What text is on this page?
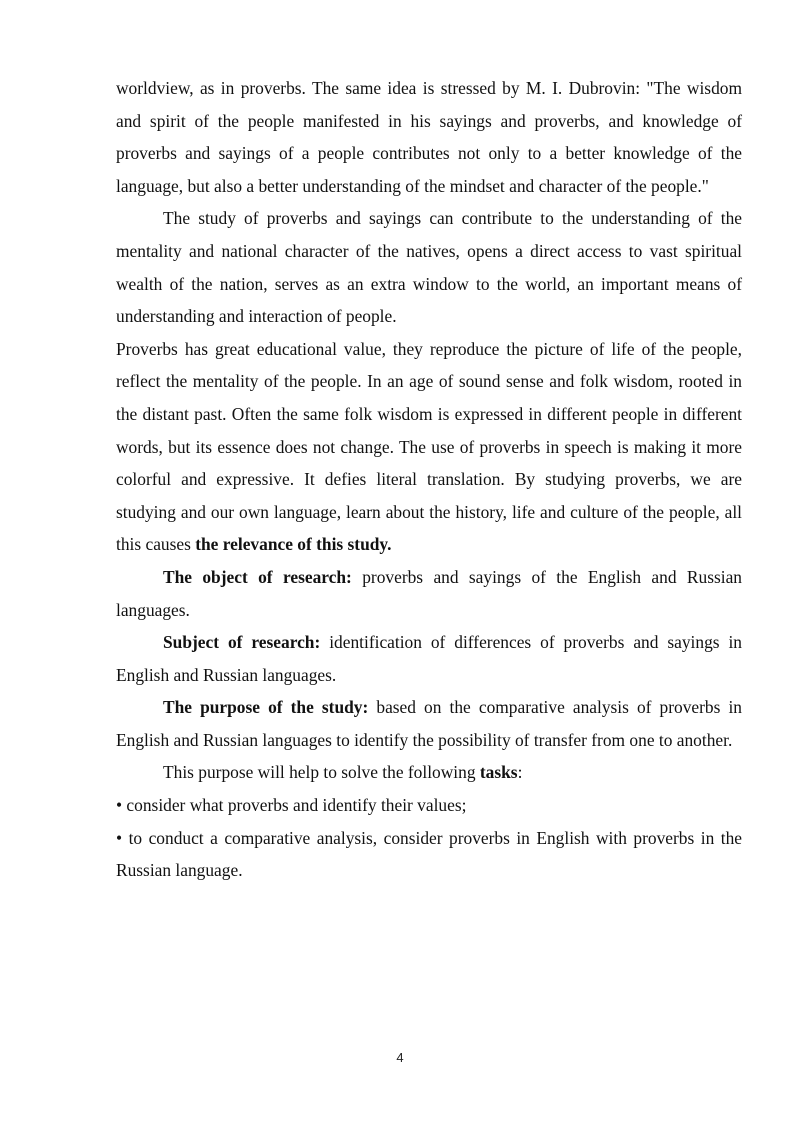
worldview, as in proverbs. The same idea is stressed by M. I. Dubrovin: "The wisdom and spirit of the people manifested in his sayings and proverbs, and knowledge of proverbs and sayings of a people contributes not only to a better knowledge of the language, but also a better understanding of the mindset and character of the people."

The study of proverbs and sayings can contribute to the understanding of the mentality and national character of the natives, opens a direct access to vast spiritual wealth of the nation, serves as an extra window to the world, an important means of understanding and interaction of people.

Proverbs has great educational value, they reproduce the picture of life of the people, reflect the mentality of the people. In an age of sound sense and folk wisdom, rooted in the distant past. Often the same folk wisdom is expressed in different people in different words, but its essence does not change. The use of proverbs in speech is making it more colorful and expressive. It defies literal translation. By studying proverbs, we are studying and our own language, learn about the history, life and culture of the people, all this causes the relevance of this study.

The object of research: proverbs and sayings of the English and Russian languages.

Subject of research: identification of differences of proverbs and sayings in English and Russian languages.

The purpose of the study: based on the comparative analysis of proverbs in English and Russian languages to identify the possibility of transfer from one to another.

This purpose will help to solve the following tasks:

• consider what proverbs and identify their values;

• to conduct a comparative analysis, consider proverbs in English with proverbs in the Russian language.

4
